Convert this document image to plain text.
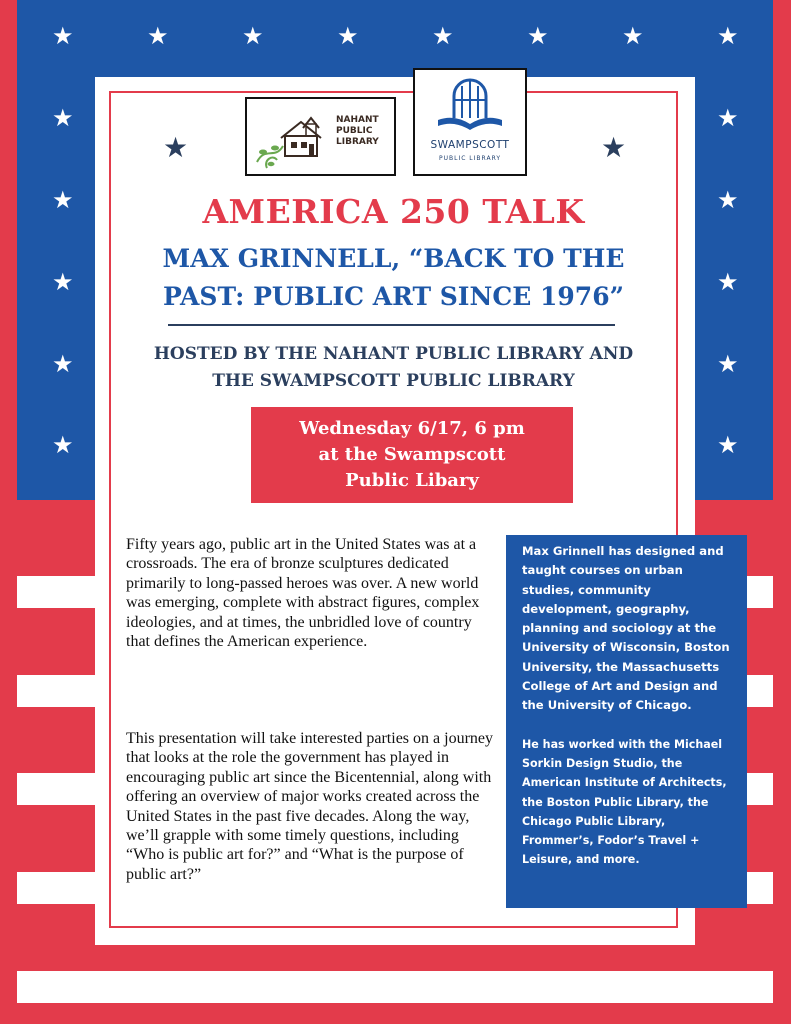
★	★	★	★	★	★	★	★
★
★
★
★
★
★
★
★
★
★
★	★
NAHANT
PUBLIC
LIBRARY	SWAMPSCOTT
PUBLIC LIBRARY
AMERICA 250 TALK
MAX GRINNELL, “BACK TO THE
PAST: PUBLIC ART SINCE 1976”
HOSTED BY THE NAHANT PUBLIC LIBRARY AND
THE SWAMPSCOTT PUBLIC LIBRARY
Wednesday 6/17, 6 pm
at the Swampscott
Public Libary
Fifty years ago, public art in the United States was at a crossroads. The era of bronze sculptures dedicated primarily to long-passed heroes was over. A new world was emerging, complete with abstract figures, complex ideologies, and at times, the unbridled love of country that defines the American experience.
This presentation will take interested parties on a journey that looks at the role the government has played in encouraging public art since the Bicentennial, along with offering an overview of major works created across the United States in the past five decades. Along the way, we’ll grapple with some timely questions, including “Who is public art for?” and “What is the purpose of public art?”

Max Grinnell has designed and taught courses on urban studies, community development, geography, planning and sociology at the University of Wisconsin, Boston University, the Massachusetts College of Art and Design and the University of Chicago.

He has worked with the Michael Sorkin Design Studio, the American Institute of Architects, the Boston Public Library, the Chicago Public Library, Frommer’s, Fodor’s Travel + Leisure, and more.
